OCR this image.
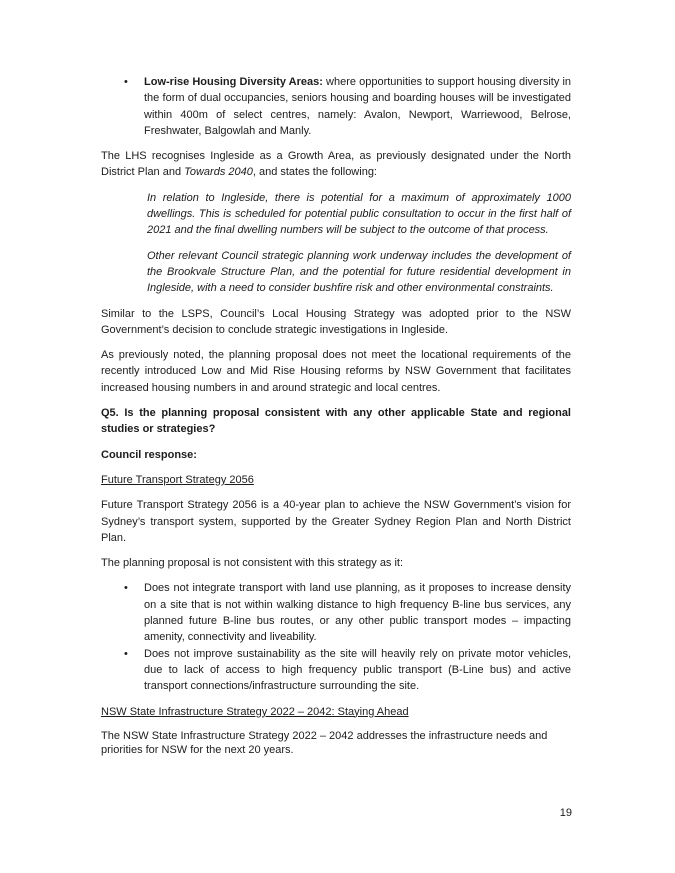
•	Low-rise Housing Diversity Areas: where opportunities to support housing diversity in the form of dual occupancies, seniors housing and boarding houses will be investigated within 400m of select centres, namely: Avalon, Newport, Warriewood, Belrose, Freshwater, Balgowlah and Manly.

The LHS recognises Ingleside as a Growth Area, as previously designated under the North District Plan and Towards 2040, and states the following:

In relation to Ingleside, there is potential for a maximum of approximately 1000 dwellings. This is scheduled for potential public consultation to occur in the first half of 2021 and the final dwelling numbers will be subject to the outcome of that process.

Other relevant Council strategic planning work underway includes the development of the Brookvale Structure Plan, and the potential for future residential development in Ingleside, with a need to consider bushfire risk and other environmental constraints.

Similar to the LSPS, Council’s Local Housing Strategy was adopted prior to the NSW Government’s decision to conclude strategic investigations in Ingleside.

As previously noted, the planning proposal does not meet the locational requirements of the recently introduced Low and Mid Rise Housing reforms by NSW Government that facilitates increased housing numbers in and around strategic and local centres.

Q5. Is the planning proposal consistent with any other applicable State and regional studies or strategies?

Council response:

Future Transport Strategy 2056

Future Transport Strategy 2056 is a 40-year plan to achieve the NSW Government’s vision for Sydney’s transport system, supported by the Greater Sydney Region Plan and North District Plan.

The planning proposal is not consistent with this strategy as it:

•	Does not integrate transport with land use planning, as it proposes to increase density on a site that is not within walking distance to high frequency B-line bus services, any planned future B-line bus routes, or any other public transport modes – impacting amenity, connectivity and liveability.

•	Does not improve sustainability as the site will heavily rely on private motor vehicles, due to lack of access to high frequency public transport (B-Line bus) and active transport connections/infrastructure surrounding the site.

NSW State Infrastructure Strategy 2022 – 2042: Staying Ahead

The NSW State Infrastructure Strategy 2022 – 2042 addresses the infrastructure needs and priorities for NSW for the next 20 years.

19
